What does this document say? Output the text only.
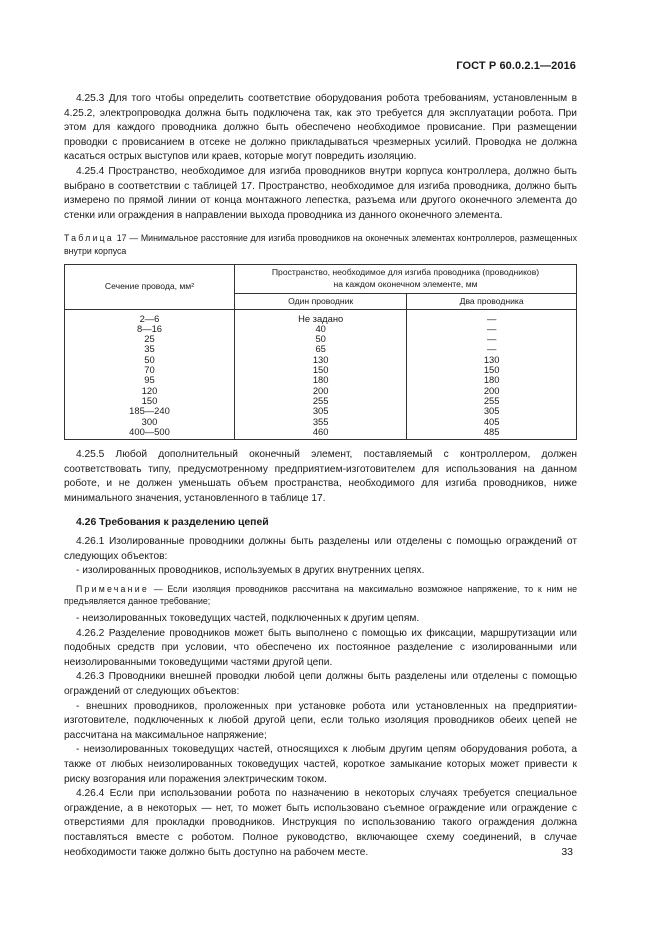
ГОСТ Р 60.0.2.1—2016

4.25.3 Для того чтобы определить соответствие оборудования робота требованиям, установленным в 4.25.2, электропроводка должна быть подключена так, как это требуется для эксплуатации робота. При этом для каждого проводника должно быть обеспечено необходимое провисание. При размещении проводки с провисанием в отсеке не должно прикладываться чрезмерных усилий. Проводка не должна касаться острых выступов или краев, которые могут повредить изоляцию.

4.25.4 Пространство, необходимое для изгиба проводников внутри корпуса контроллера, должно быть выбрано в соответствии с таблицей 17. Пространство, необходимое для изгиба проводника, должно быть измерено по прямой линии от конца монтажного лепестка, разъема или другого оконечного элемента до стенки или ограждения в направлении выхода проводника из данного оконечного элемента.

Таблица 17 — Минимальное расстояние для изгиба проводников на оконечных элементах контроллеров, размещенных внутри корпуса

Сечение провода, мм²	Пространство, необходимое для изгиба проводника (проводников)
на каждом оконечном элементе, мм	
	Один проводник	Два проводника
2—6	Не задано	—
8—16	40	—
25	50	—
35	65	—
50	130	130
70	150	150
95	180	180
120	200	200
150	255	255
185—240	305	305
300	355	405
400—500	460	485

4.25.5 Любой дополнительный оконечный элемент, поставляемый с контроллером, должен соответствовать типу, предусмотренному предприятием-изготовителем для использования на данном роботе, и не должен уменьшать объем пространства, необходимого для изгиба проводников, ниже минимального значения, установленного в таблице 17.

4.26 Требования к разделению цепей

4.26.1 Изолированные проводники должны быть разделены или отделены с помощью ограждений от следующих объектов:

- изолированных проводников, используемых в других внутренних цепях.

Примечание — Если изоляция проводников рассчитана на максимально возможное напряжение, то к ним не предъявляется данное требование;

- неизолированных токоведущих частей, подключенных к другим цепям.

4.26.2 Разделение проводников может быть выполнено с помощью их фиксации, маршрутизации или подобных средств при условии, что обеспечено их постоянное разделение с изолированными или неизолированными токоведущими частями другой цепи.

4.26.3 Проводники внешней проводки любой цепи должны быть разделены или отделены с помощью ограждений от следующих объектов:

- внешних проводников, проложенных при установке робота или установленных на предприятии-изготовителе, подключенных к любой другой цепи, если только изоляция проводников обеих цепей не рассчитана на максимальное напряжение;

- неизолированных токоведущих частей, относящихся к любым другим цепям оборудования робота, а также от любых неизолированных токоведущих частей, короткое замыкание которых может привести к риску возгорания или поражения электрическим током.

4.26.4 Если при использовании робота по назначению в некоторых случаях требуется специальное ограждение, а в некоторых — нет, то может быть использовано съемное ограждение или ограждение с отверстиями для прокладки проводников. Инструкция по использованию такого ограждения должна поставляться вместе с роботом. Полное руководство, включающее схему соединений, в случае необходимости также должно быть доступно на рабочем месте.	33
